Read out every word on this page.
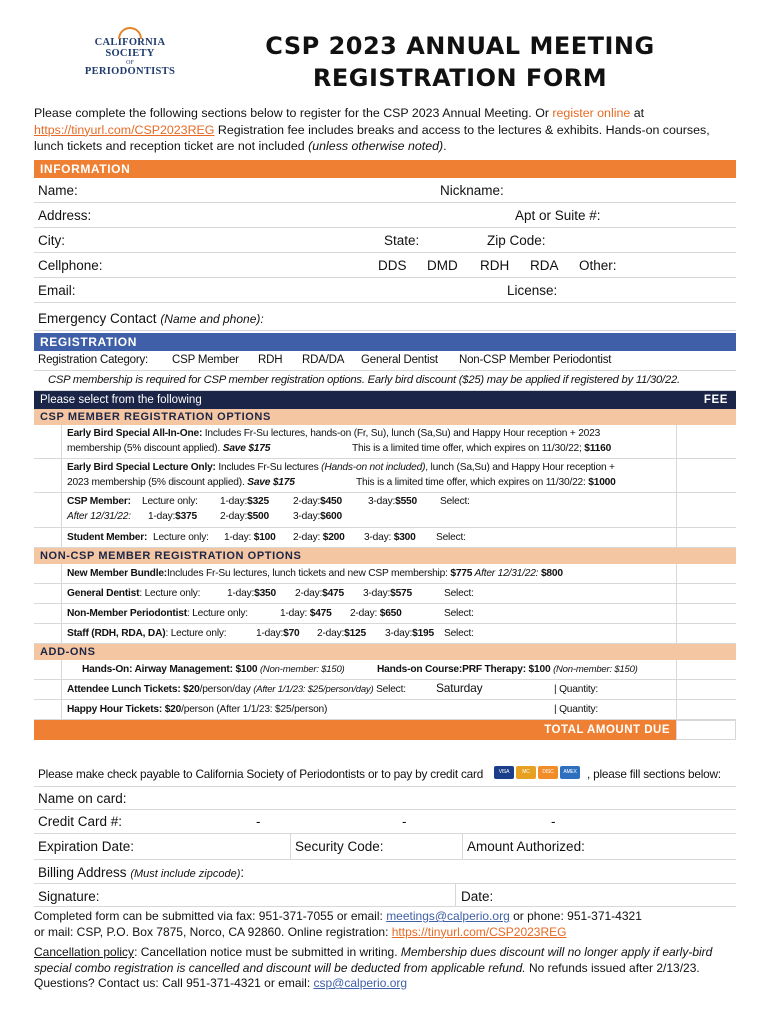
CALIFORNIA SOCIETY
OF
PERIODONTISTS
CSP 2023 ANNUAL MEETING
REGISTRATION FORM
Please complete the following sections below to register for the CSP 2023 Annual Meeting. Or register online at https://tinyurl.com/CSP2023REG Registration fee includes breaks and access to the lectures & exhibits. Hands-on courses, lunch tickets and reception ticket are not included (unless otherwise noted).
INFORMATION
Name:	Nickname:
Address:	Apt or Suite #:
City:	State:	Zip Code:
Cellphone:	DDS DMD RDH RDA Other:
Email:	License:
Emergency Contact (Name and phone):
REGISTRATION
Registration Category: CSP Member RDH RDA/DA General Dentist Non-CSP Member Periodontist
CSP membership is required for CSP member registration options. Early bird discount ($25) may be applied if registered by 11/30/22.
Please select from the following	FEE
CSP MEMBER REGISTRATION OPTIONS
Early Bird Special All-In-One: Includes Fr-Su lectures, hands-on (Fr, Su), lunch (Sa,Su) and Happy Hour reception + 2023
membership (5% discount applied). Save $175	This is a limited time offer, which expires on 11/30/22; $1160
Early Bird Special Lecture Only: Includes Fr-Su lectures (Hands-on not included), lunch (Sa,Su) and Happy Hour reception +
2023 membership (5% discount applied). Save $175	This is a limited time offer, which expires on 11/30/22: $1000
CSP Member: Lecture only: 1-day:$325 2-day:$450	3-day:$550 Select:
After 12/31/22: 1-day:$375 2-day:$500 3-day:$600
Student Member: Lecture only: 1-day: $100 2-day: $200 3-day: $300 Select:
NON-CSP MEMBER REGISTRATION OPTIONS
New Member Bundle:Includes Fr-Su lectures, lunch tickets and new CSP membership: $775 After 12/31/22: $800
General Dentist: Lecture only:	1-day:$350 2-day:$475 3-day:$575	Select:
Non-Member Periodontist: Lecture only:	1-day: $475 2-day: $650	Select:
Staff (RDH, RDA, DA): Lecture only:	1-day:$70 2-day:$125 3-day:$195 Select:
ADD-ONS
Hands-On: Airway Management: $100 (Non-member: $150)	Hands-on Course:PRF Therapy: $100 (Non-member: $150)
Attendee Lunch Tickets: $20/person/day (After 1/1/23: $25/person/day) Select:	Saturday	| Quantity:
Happy Hour Tickets: $20/person (After 1/1/23: $25/person)	| Quantity:
TOTAL AMOUNT DUE
Please make check payable to California Society of Periodontists or to pay by credit card	VISA	MC	DISC	AMEX , please fill sections below:
Name on card:
Credit Card #:	-	-	-
Expiration Date:	Security Code:	Amount Authorized:
Billing Address (Must include zipcode):
Signature:	Date:
Completed form can be submitted via fax: 951-371-7055 or email: meetings@calperio.org or phone: 951-371-4321
or mail: CSP, P.O. Box 7875, Norco, CA 92860. Online registration: https://tinyurl.com/CSP2023REG
Cancellation policy: Cancellation notice must be submitted in writing. Membership dues discount will no longer apply if early-bird special combo registration is cancelled and discount will be deducted from applicable refund. No refunds issued after 2/13/23. Questions? Contact us: Call 951-371-4321 or email: csp@calperio.org
